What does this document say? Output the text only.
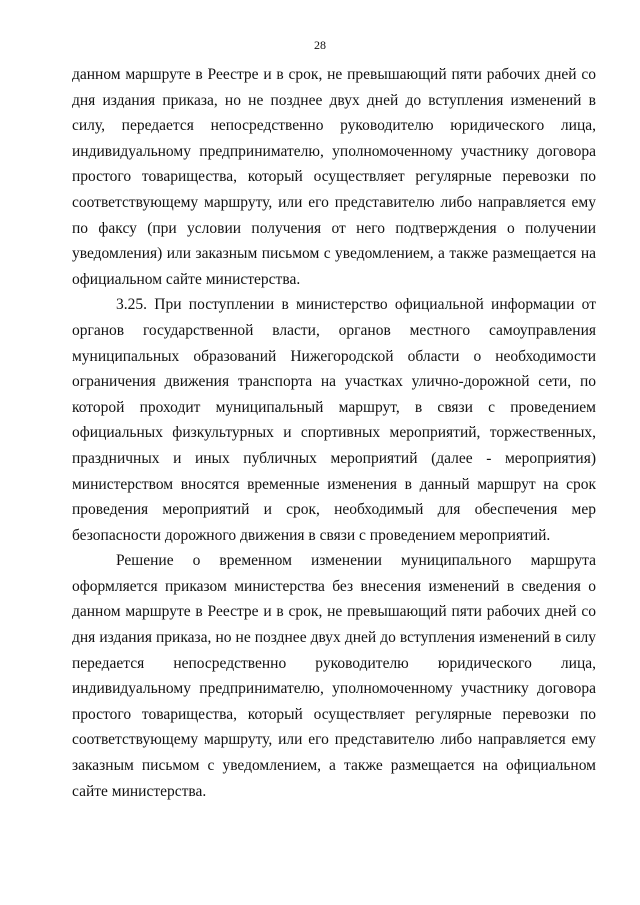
28

данном маршруте в Реестре и в срок, не превышающий пяти рабочих дней со дня издания приказа, но не позднее двух дней до вступления изменений в силу, передается непосредственно руководителю юридического лица, индивидуальному предпринимателю, уполномоченному участнику договора простого товарищества, который осуществляет регулярные перевозки по соответствующему маршруту, или его представителю либо направляется ему по факсу (при условии получения от него подтверждения о получении уведомления) или заказным письмом с уведомлением, а также размещается на официальном сайте министерства.

3.25. При поступлении в министерство официальной информации от органов государственной власти, органов местного самоуправления муниципальных образований Нижегородской области о необходимости ограничения движения транспорта на участках улично-дорожной сети, по которой проходит муниципальный маршрут, в связи с проведением официальных физкультурных и спортивных мероприятий, торжественных, праздничных и иных публичных мероприятий (далее - мероприятия) министерством вносятся временные изменения в данный маршрут на срок проведения мероприятий и срок, необходимый для обеспечения мер безопасности дорожного движения в связи с проведением мероприятий.

Решение о временном изменении муниципального маршрута оформляется приказом министерства без внесения изменений в сведения о данном маршруте в Реестре и в срок, не превышающий пяти рабочих дней со дня издания приказа, но не позднее двух дней до вступления изменений в силу передается непосредственно руководителю юридического лица, индивидуальному предпринимателю, уполномоченному участнику договора простого товарищества, который осуществляет регулярные перевозки по соответствующему маршруту, или его представителю либо направляется ему заказным письмом с уведомлением, а также размещается на официальном сайте министерства.
